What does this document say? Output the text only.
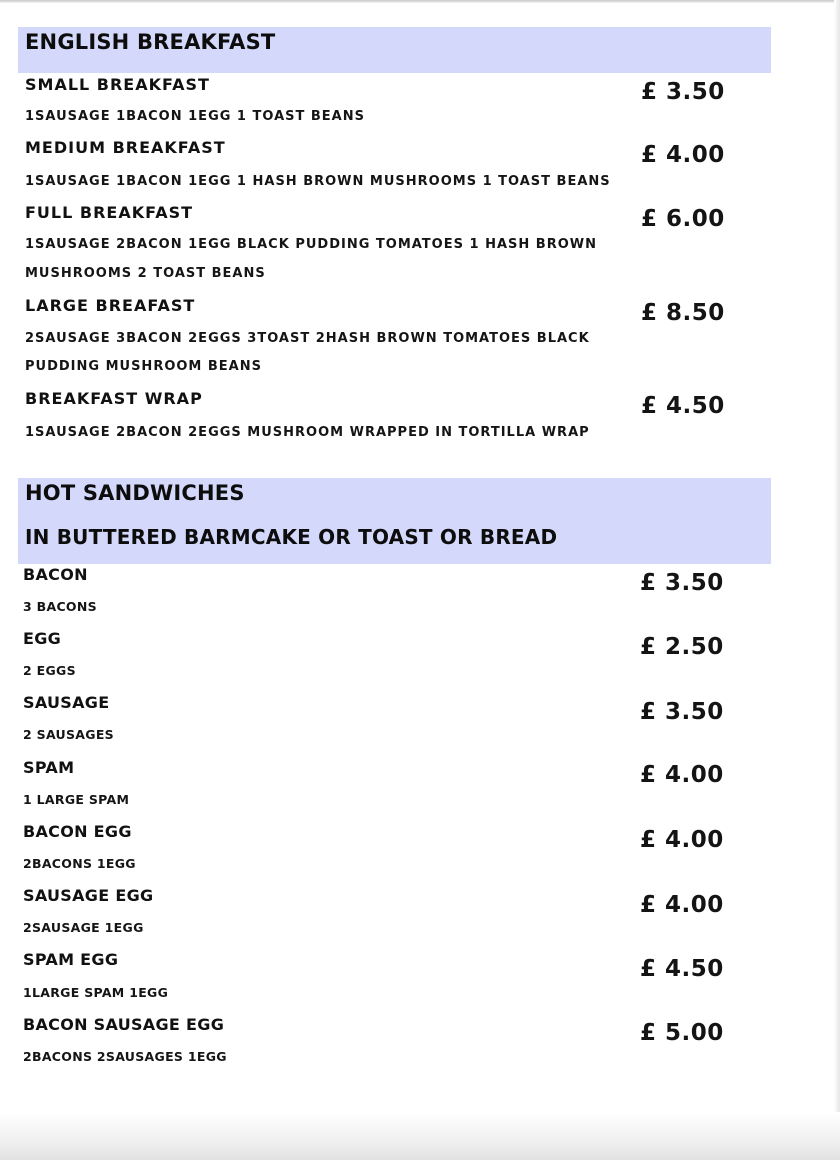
ENGLISH BREAKFAST
SMALL BREAKFAST
1SAUSAGE 1BACON 1EGG 1 TOAST BEANS
£ 3.50
MEDIUM BREAKFAST
1SAUSAGE 1BACON 1EGG 1 HASH BROWN MUSHROOMS 1 TOAST BEANS
£ 4.00
FULL BREAKFAST
1SAUSAGE 2BACON 1EGG BLACK PUDDING TOMATOES 1 HASH BROWN
MUSHROOMS 2 TOAST BEANS
£ 6.00
LARGE BREAFAST
2SAUSAGE 3BACON 2EGGS 3TOAST 2HASH BROWN TOMATOES BLACK
PUDDING MUSHROOM BEANS
£ 8.50
BREAKFAST WRAP
1SAUSAGE 2BACON 2EGGS MUSHROOM WRAPPED IN TORTILLA WRAP
£ 4.50
HOT SANDWICHES
IN BUTTERED BARMCAKE OR TOAST OR BREAD
BACON
3 BACONS
£ 3.50
EGG
2 EGGS
£ 2.50
SAUSAGE
2 SAUSAGES
£ 3.50
SPAM
1 LARGE SPAM
£ 4.00
BACON EGG
2BACONS 1EGG
£ 4.00
SAUSAGE EGG
2SAUSAGE 1EGG
£ 4.00
SPAM EGG
1LARGE SPAM 1EGG
£ 4.50
BACON SAUSAGE EGG
2BACONS 2SAUSAGES 1EGG
£ 5.00
